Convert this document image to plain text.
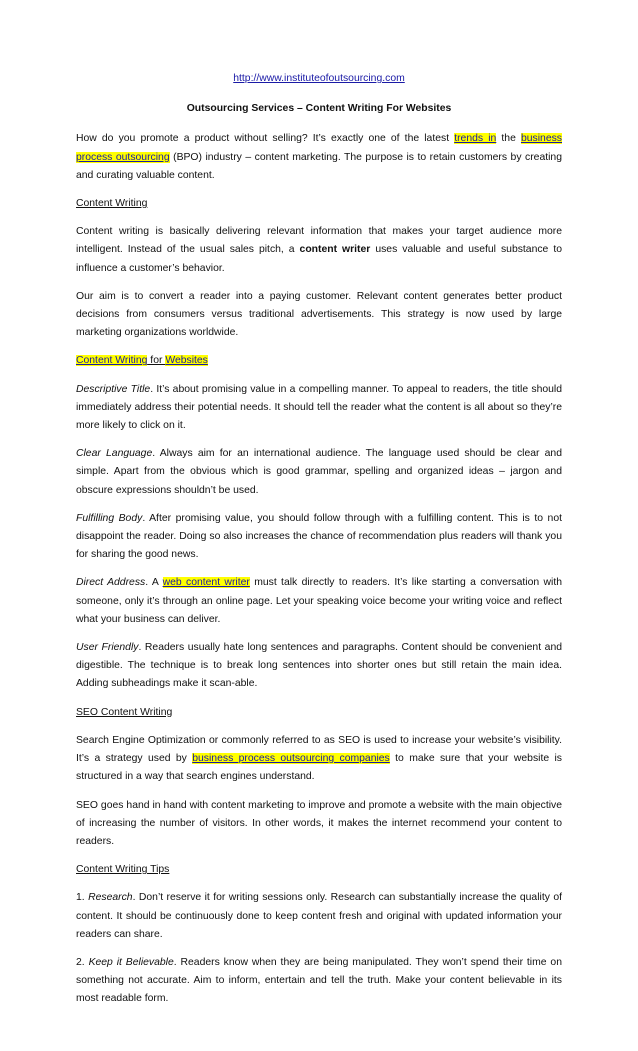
http://www.instituteofoutsourcing.com
Outsourcing Services – Content Writing For Websites

How do you promote a product without selling? It’s exactly one of the latest trends in the business process outsourcing (BPO) industry – content marketing. The purpose is to retain customers by creating and curating valuable content.

Content Writing

Content writing is basically delivering relevant information that makes your target audience more intelligent. Instead of the usual sales pitch, a content writer uses valuable and useful substance to influence a customer’s behavior.

Our aim is to convert a reader into a paying customer. Relevant content generates better product decisions from consumers versus traditional advertisements. This strategy is now used by large marketing organizations worldwide.

Content Writing for Websites

Descriptive Title. It’s about promising value in a compelling manner. To appeal to readers, the title should immediately address their potential needs. It should tell the reader what the content is all about so they’re more likely to click on it.

Clear Language. Always aim for an international audience. The language used should be clear and simple. Apart from the obvious which is good grammar, spelling and organized ideas – jargon and obscure expressions shouldn’t be used.

Fulfilling Body. After promising value, you should follow through with a fulfilling content. This is to not disappoint the reader. Doing so also increases the chance of recommendation plus readers will thank you for sharing the good news.

Direct Address. A web content writer must talk directly to readers. It’s like starting a conversation with someone, only it’s through an online page. Let your speaking voice become your writing voice and reflect what your business can deliver.

User Friendly. Readers usually hate long sentences and paragraphs. Content should be convenient and digestible. The technique is to break long sentences into shorter ones but still retain the main idea. Adding subheadings make it scan-able.

SEO Content Writing

Search Engine Optimization or commonly referred to as SEO is used to increase your website’s visibility. It’s a strategy used by business process outsourcing companies to make sure that your website is structured in a way that search engines understand.

SEO goes hand in hand with content marketing to improve and promote a website with the main objective of increasing the number of visitors. In other words, it makes the internet recommend your content to readers.

Content Writing Tips

1. Research. Don’t reserve it for writing sessions only. Research can substantially increase the quality of content. It should be continuously done to keep content fresh and original with updated information your readers can share.

2. Keep it Believable. Readers know when they are being manipulated. They won’t spend their time on something not accurate. Aim to inform, entertain and tell the truth. Make your content believable in its most readable form.
